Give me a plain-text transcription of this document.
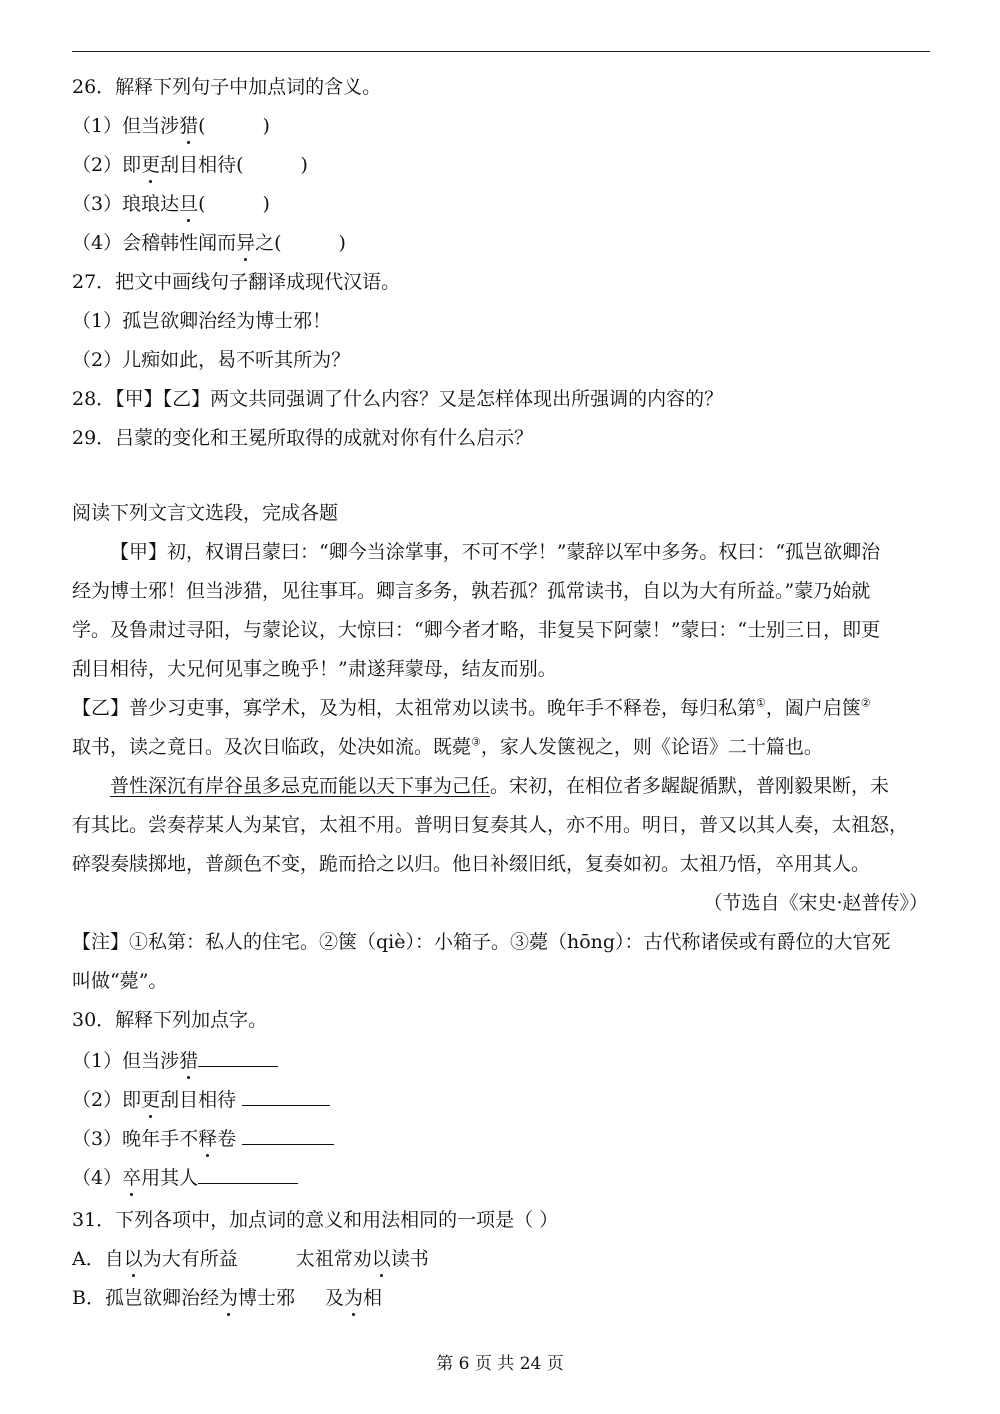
26．解释下列句子中加点词的含义。
（1）但当涉猎(　　　)
（2）即更刮目相待(　　　)
（3）琅琅达旦(　　　)
（4）会稽韩性闻而异之(　　　)
27．把文中画线句子翻译成现代汉语。
（1）孤岂欲卿治经为博士邪！
（2）儿痴如此，曷不听其所为？
28．【甲】【乙】两文共同强调了什么内容？又是怎样体现出所强调的内容的？
29．吕蒙的变化和王冕所取得的成就对你有什么启示？
阅读下列文言文选段，完成各题
【甲】初，权谓吕蒙曰：“卿今当涂掌事，不可不学！”蒙辞以军中多务。权曰：“孤岂欲卿治
经为博士邪！但当涉猎，见往事耳。卿言多务，孰若孤？孤常读书，自以为大有所益。”蒙乃始就
学。及鲁肃过寻阳，与蒙论议，大惊曰：“卿今者才略，非复吴下阿蒙！”蒙曰：“士别三日，即更
刮目相待，大兄何见事之晚乎！”肃遂拜蒙母，结友而别。
【乙】普少习吏事，寡学术，及为相，太祖常劝以读书。晚年手不释卷，每归私第①，阖户启箧②
取书，读之竟日。及次日临政，处决如流。既薨③，家人发箧视之，则《论语》二十篇也。
普性深沉有岸谷虽多忌克而能以天下事为己任。宋初，在相位者多龌龊循默，普刚毅果断，未
有其比。尝奏荐某人为某官，太祖不用。普明日复奏其人，亦不用。明日，普又以其人奏，太祖怒，
碎裂奏牍掷地，普颜色不变，跪而拾之以归。他日补缀旧纸，复奏如初。太祖乃悟，卒用其人。
（节选自《宋史·赵普传》）
【注】①私第：私人的住宅。②箧（qiè）：小箱子。③薨（hōng）：古代称诸侯或有爵位的大官死
叫做“薨”。
30．解释下列加点字。
（1）但当涉猎
（2）即更刮目相待
（3）晚年手不释卷
（4）卒用其人
31．下列各项中，加点词的意义和用法相同的一项是（ ）
A．自以为大有所益	太祖常劝以读书
B．孤岂欲卿治经为博士邪 及为相
第 6 页 共 24 页
